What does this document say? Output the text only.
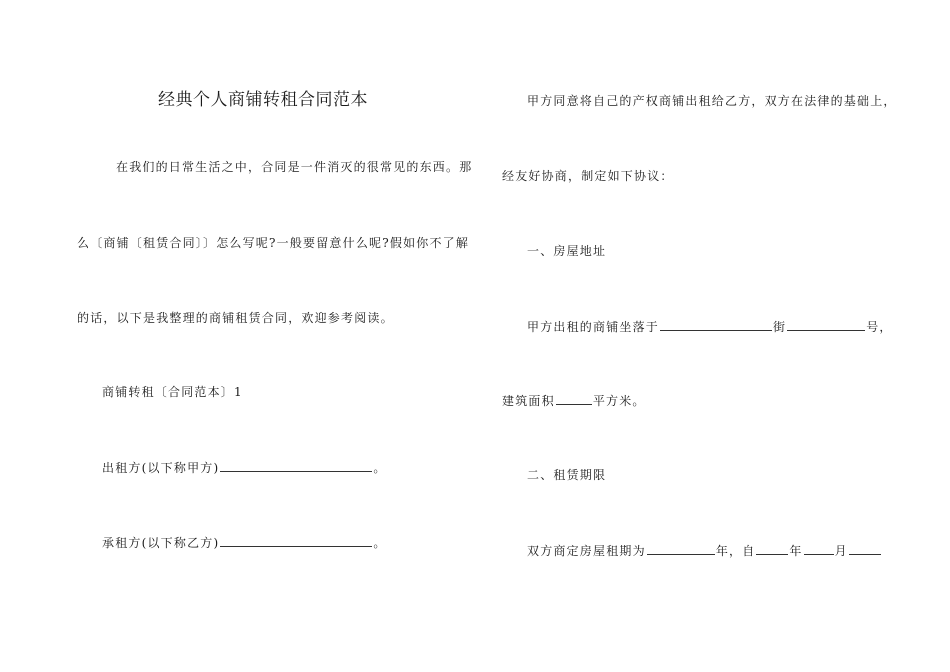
经典个人商铺转租合同范本
在我们的日常生活之中，合同是一件消灭的很常见的东西。那
么〔商铺〔租赁合同〕〕怎么写呢?一般要留意什么呢?假如你不了解
的话，以下是我整理的商铺租赁合同，欢迎参考阅读。
商铺转租〔合同范本〕1
出租方(以下称甲方)	。
承租方(以下称乙方)	。
甲方同意将自己的产权商铺出租给乙方，双方在法律的基础上，
经友好协商，制定如下协议：
一、房屋地址
甲方出租的商铺坐落于	街	号，
建筑面积	平方米。
二、租赁期限
双方商定房屋租期为	年，自	年	月
